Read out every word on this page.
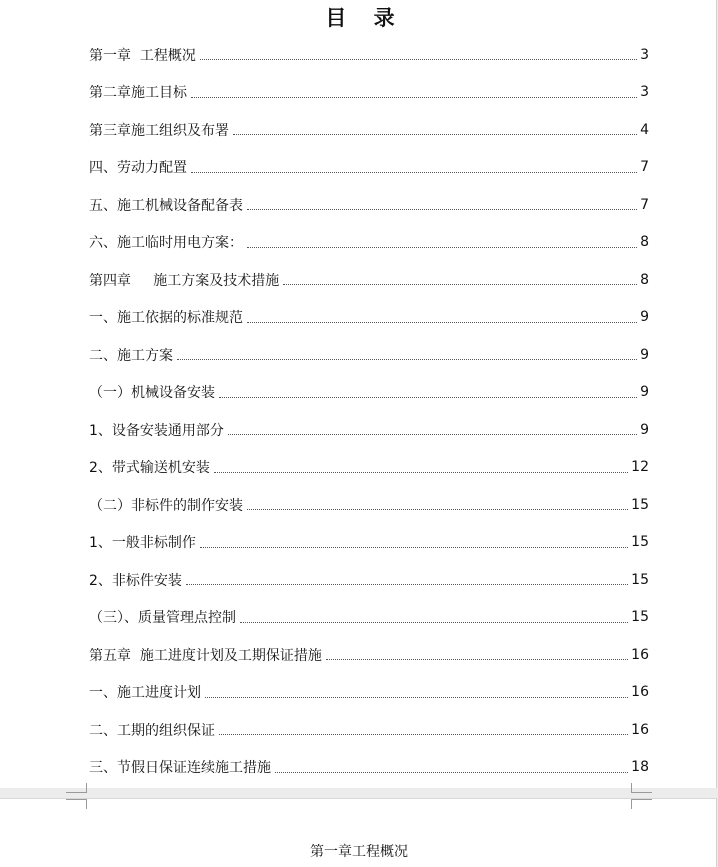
目 录
第一章  工程概况	3
第二章施工目标	3
第三章施工组织及布署	4
四、劳动力配置	7
五、施工机械设备配备表	7
六、施工临时用电方案：	8
第四章     施工方案及技术措施	8
一、施工依据的标准规范	9
二、施工方案	9
（一）机械设备安装	9
1、设备安装通用部分	9
2、带式输送机安装	12
（二）非标件的制作安装	15
1、一般非标制作	15
2、非标件安装	15
（三）、质量管理点控制	15
第五章  施工进度计划及工期保证措施	16
一、施工进度计划	16
二、工期的组织保证	16
三、节假日保证连续施工措施	18
第一章工程概况
